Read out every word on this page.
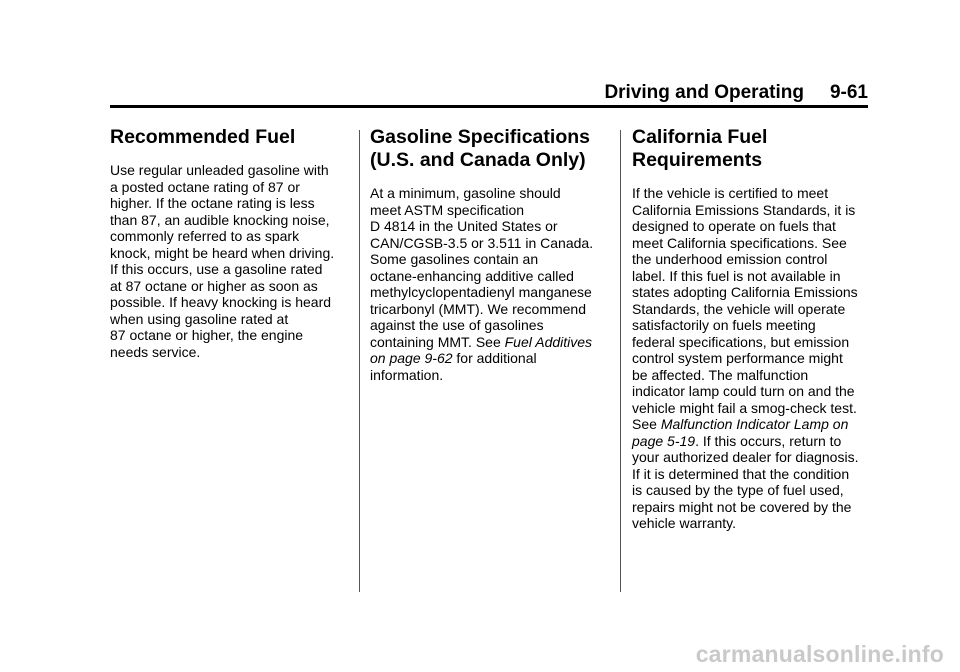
Driving and Operating 9-61
Recommended Fuel

Use regular unleaded gasoline with
a posted octane rating of 87 or
higher. If the octane rating is less
than 87, an audible knocking noise,
commonly referred to as spark
knock, might be heard when driving.
If this occurs, use a gasoline rated
at 87 octane or higher as soon as
possible. If heavy knocking is heard
when using gasoline rated at
87 octane or higher, the engine
needs service.

Gasoline Specifications
(U.S. and Canada Only)

At a minimum, gasoline should
meet ASTM specification
D 4814 in the United States or
CAN/CGSB-3.5 or 3.511 in Canada.
Some gasolines contain an
octane-enhancing additive called
methylcyclopentadienyl manganese
tricarbonyl (MMT). We recommend
against the use of gasolines
containing MMT. See Fuel Additives
on page 9-62 for additional
information.

California Fuel
Requirements

If the vehicle is certified to meet
California Emissions Standards, it is
designed to operate on fuels that
meet California specifications. See
the underhood emission control
label. If this fuel is not available in
states adopting California Emissions
Standards, the vehicle will operate
satisfactorily on fuels meeting
federal specifications, but emission
control system performance might
be affected. The malfunction
indicator lamp could turn on and the
vehicle might fail a smog-check test.
See Malfunction Indicator Lamp on
page 5-19. If this occurs, return to
your authorized dealer for diagnosis.
If it is determined that the condition
is caused by the type of fuel used,
repairs might not be covered by the
vehicle warranty.

carmanualsonline.info
